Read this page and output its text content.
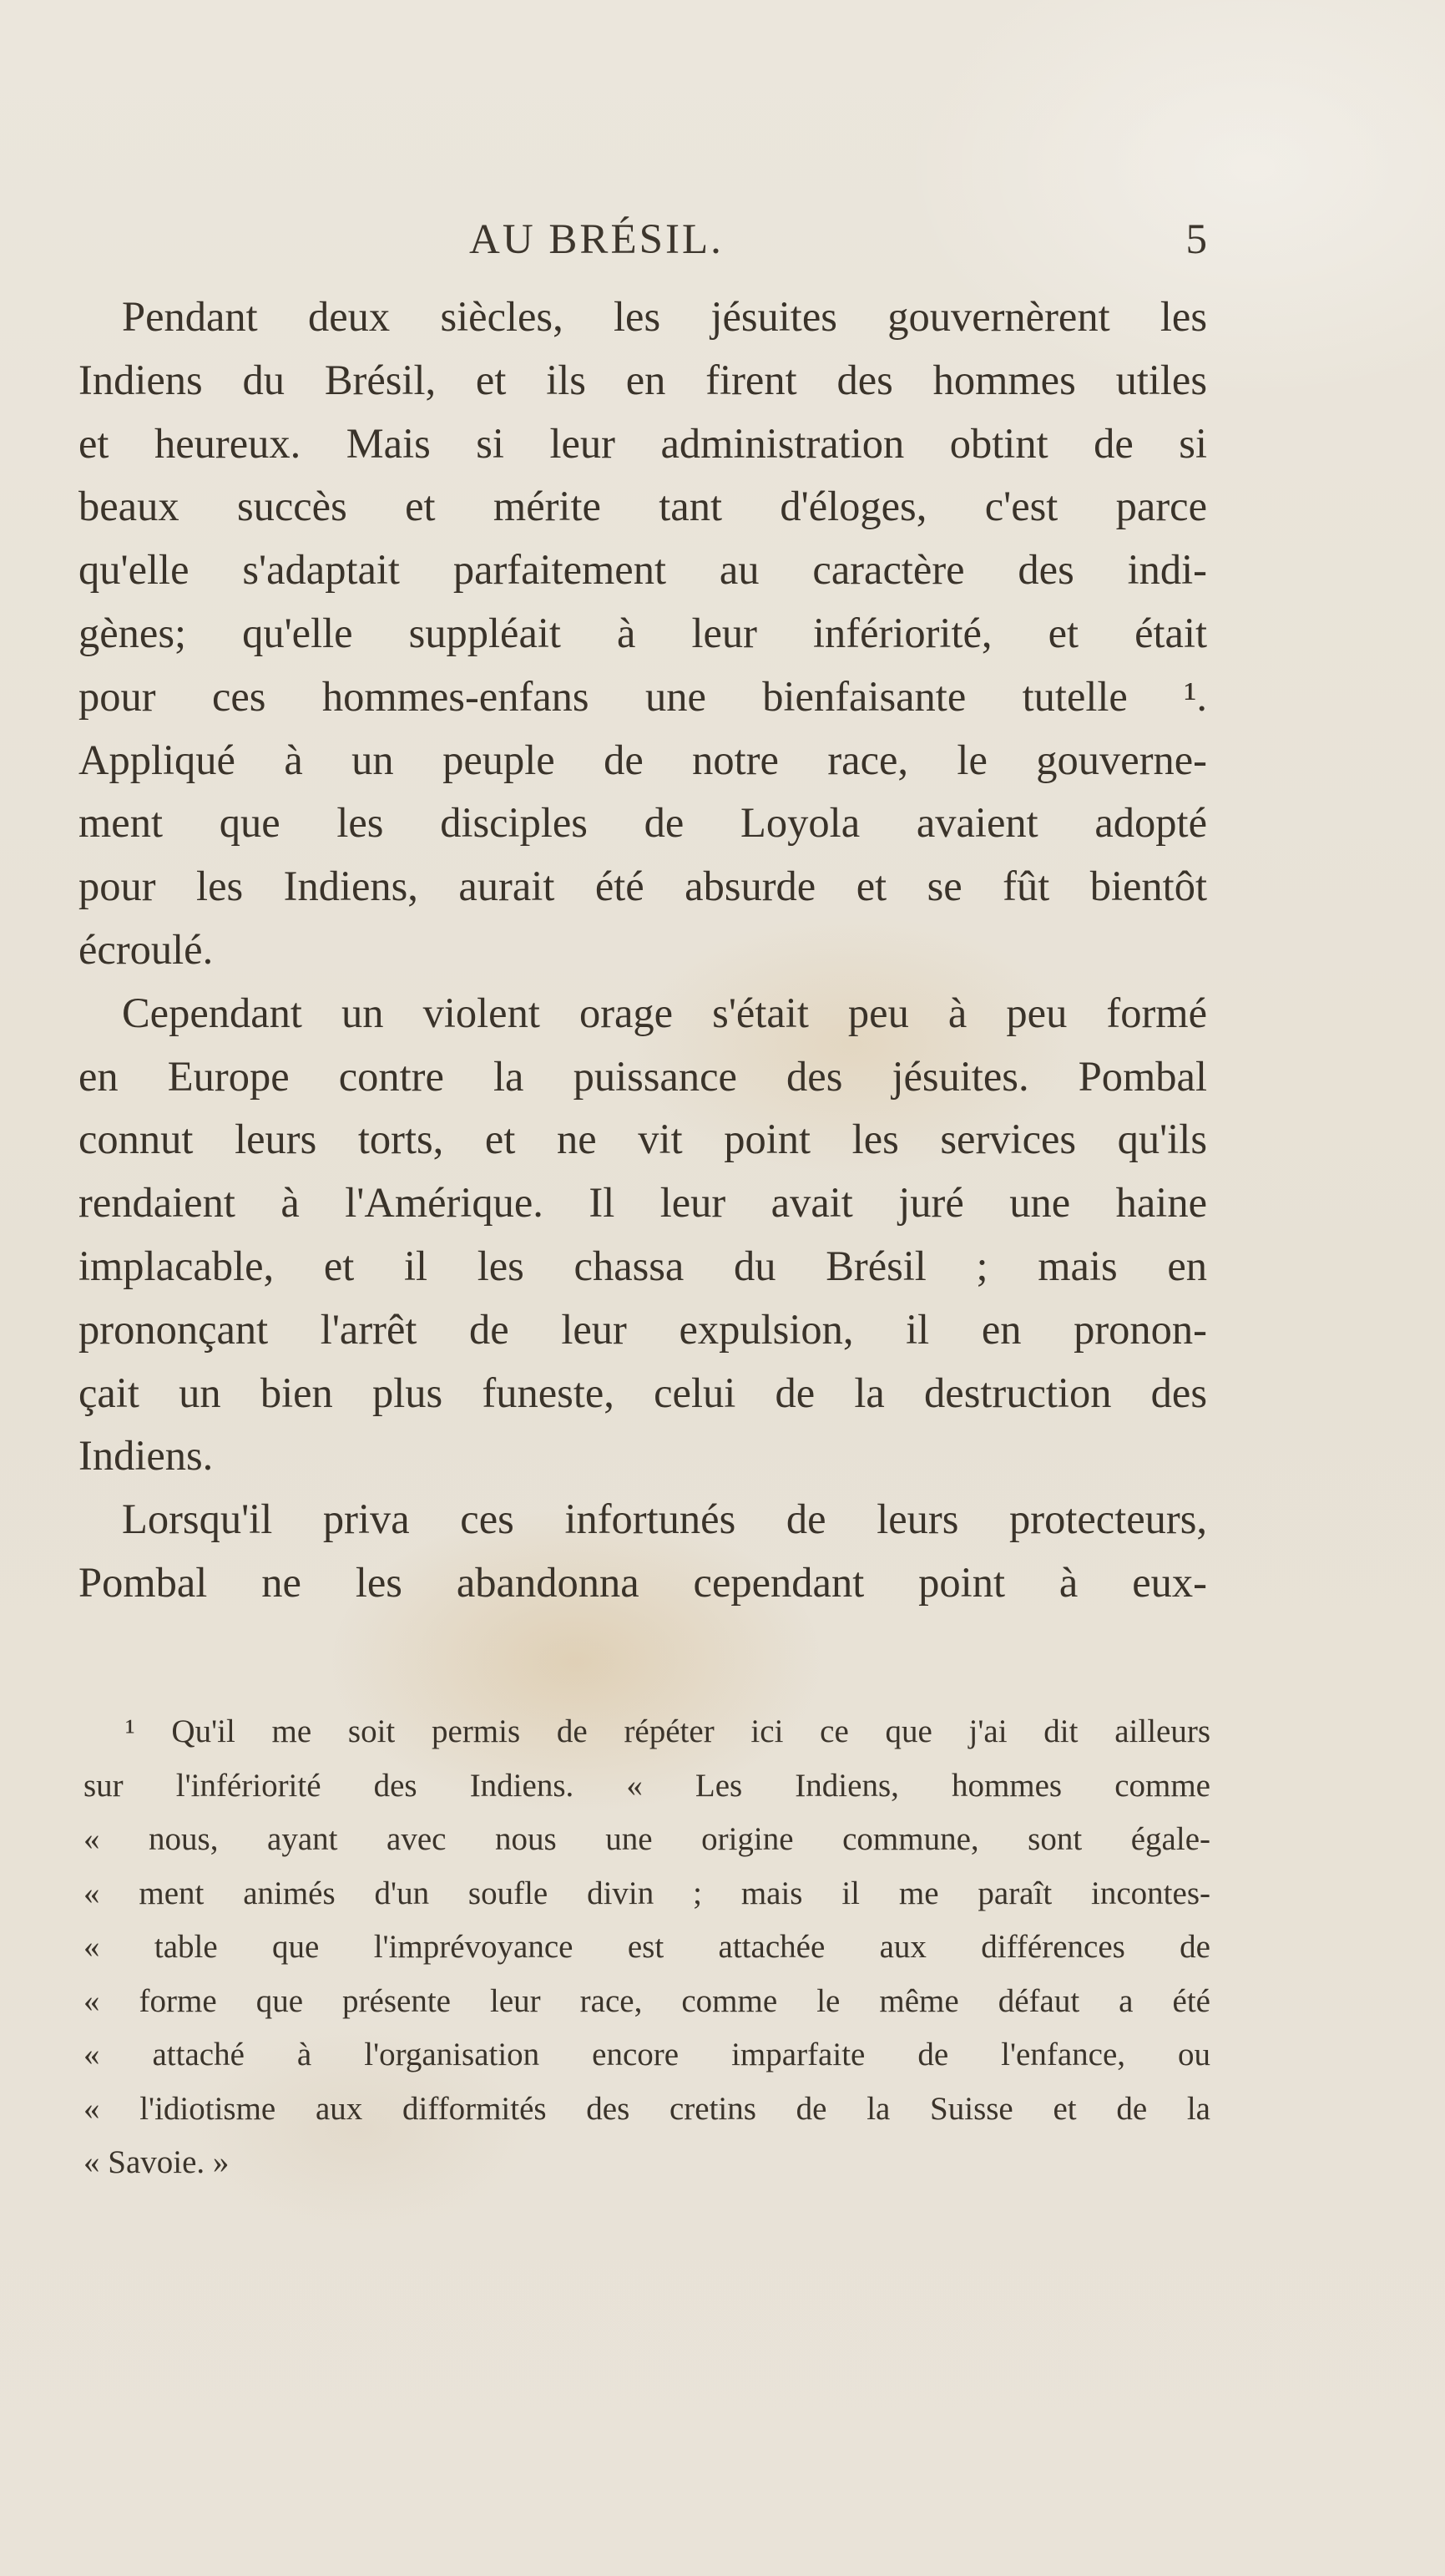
AU BRÉSIL.	5
Pendant deux siècles, les jésuites gouvernèrent les
Indiens du Brésil, et ils en firent des hommes utiles
et heureux. Mais si leur administration obtint de si
beaux succès et mérite tant d'éloges, c'est parce
qu'elle s'adaptait parfaitement au caractère des indi-
gènes; qu'elle suppléait à leur infériorité, et était
pour ces hommes-enfans une bienfaisante tutelle ¹.
Appliqué à un peuple de notre race, le gouverne-
ment que les disciples de Loyola avaient adopté
pour les Indiens, aurait été absurde et se fût bientôt
écroulé.
Cependant un violent orage s'était peu à peu formé
en Europe contre la puissance des jésuites. Pombal
connut leurs torts, et ne vit point les services qu'ils
rendaient à l'Amérique. Il leur avait juré une haine
implacable, et il les chassa du Brésil ; mais en
prononçant l'arrêt de leur expulsion, il en pronon-
çait un bien plus funeste, celui de la destruction des
Indiens.
Lorsqu'il priva ces infortunés de leurs protecteurs,
Pombal ne les abandonna cependant point à eux-
¹ Qu'il me soit permis de répéter ici ce que j'ai dit ailleurs
sur l'infériorité des Indiens. « Les Indiens, hommes comme
« nous, ayant avec nous une origine commune, sont égale-
« ment animés d'un soufle divin ; mais il me paraît incontes-
« table que l'imprévoyance est attachée aux différences de
« forme que présente leur race, comme le même défaut a été
« attaché à l'organisation encore imparfaite de l'enfance, ou
« l'idiotisme aux difformités des cretins de la Suisse et de la
« Savoie. »
